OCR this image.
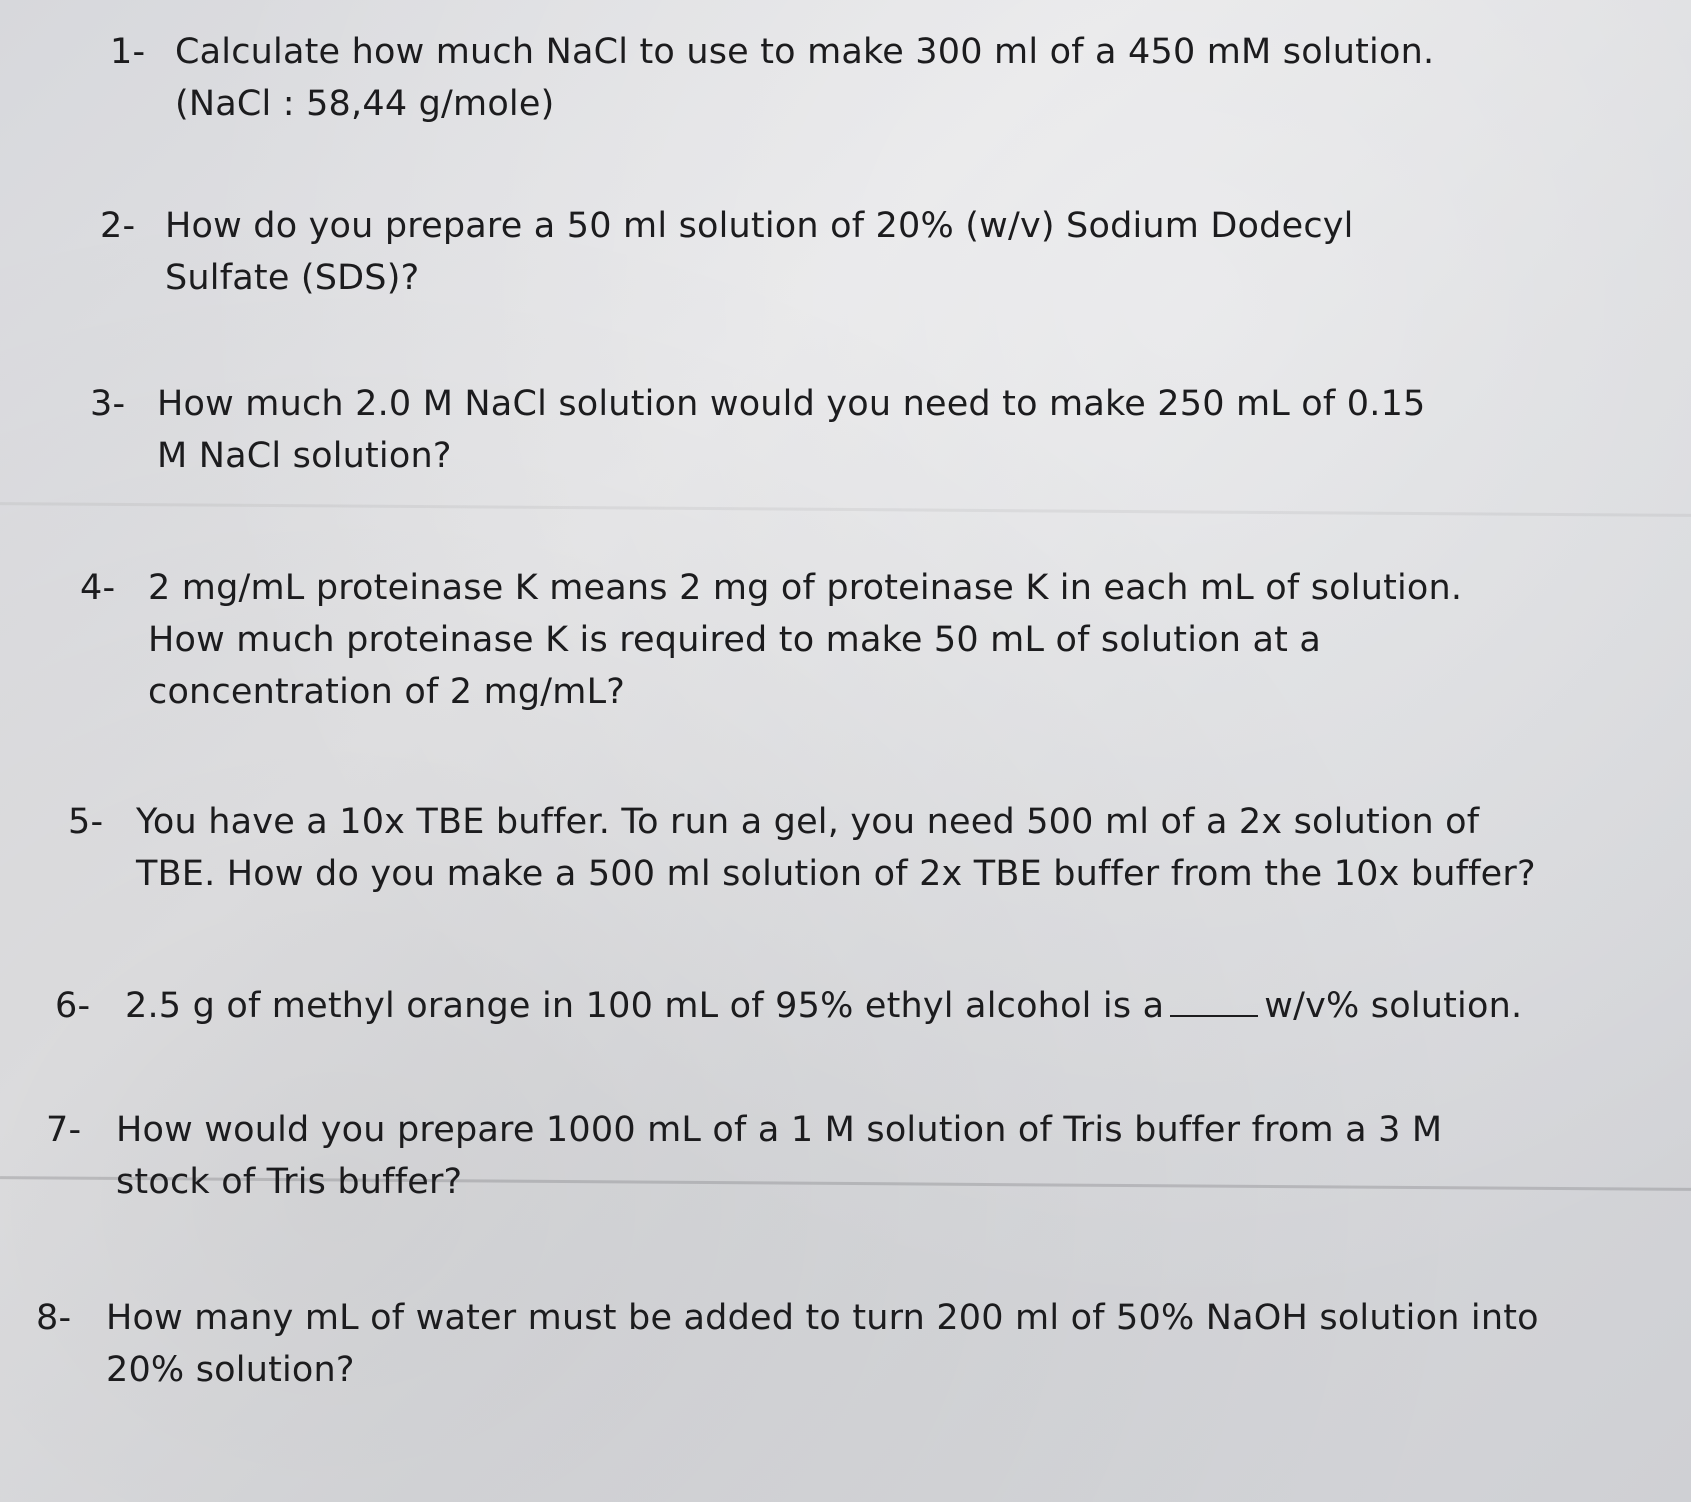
1- Calculate how much NaCl to use to make 300 ml of a 450 mM solution. (NaCl : 58,44 g/mole)
2- How do you prepare a 50 ml solution of 20% (w/v) Sodium Dodecyl Sulfate (SDS)?
3- How much 2.0 M NaCl solution would you need to make 250 mL of 0.15 M NaCl solution?
4- 2 mg/mL proteinase K means 2 mg of proteinase K in each mL of solution. How much proteinase K is required to make 50 mL of solution at a concentration of 2 mg/mL?
5- You have a 10x TBE buffer. To run a gel, you need 500 ml of a 2x solution of TBE. How do you make a 500 ml solution of 2x TBE buffer from the 10x buffer?
6- 2.5 g of methyl orange in 100 mL of 95% ethyl alcohol is a	w/v% solution.
7- How would you prepare 1000 mL of a 1 M solution of Tris buffer from a 3 M stock of Tris buffer?
8- How many mL of water must be added to turn 200 ml of 50% NaOH solution into 20% solution?
